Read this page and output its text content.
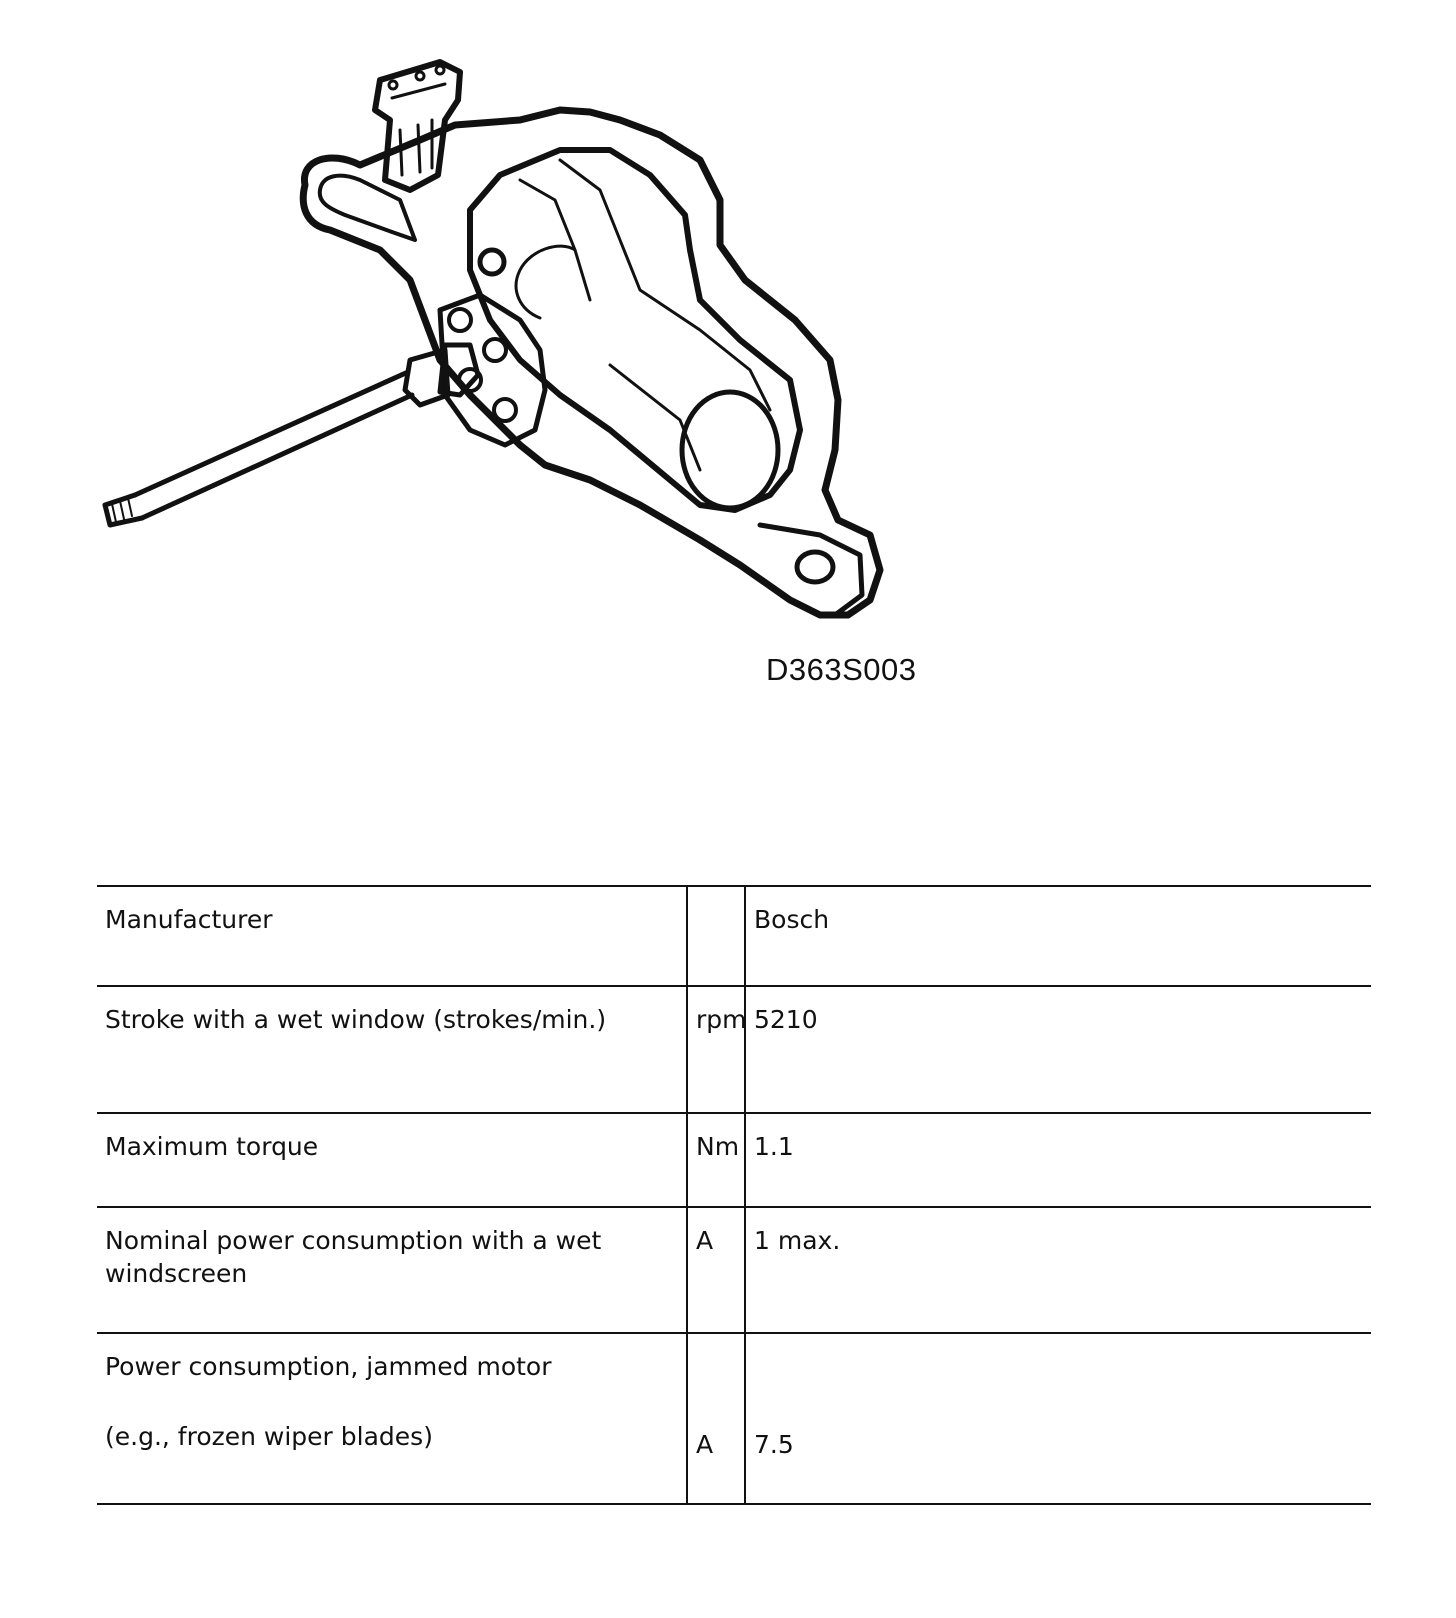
D363S003
Manufacturer		Bosch
Stroke with a wet window (strokes/min.)	rpm	5210
Maximum torque	Nm	1.1
Nominal power consumption with a wet windscreen	A	1 max.
Power consumption, jammed motor
(e.g., frozen wiper blades)	A	7.5
